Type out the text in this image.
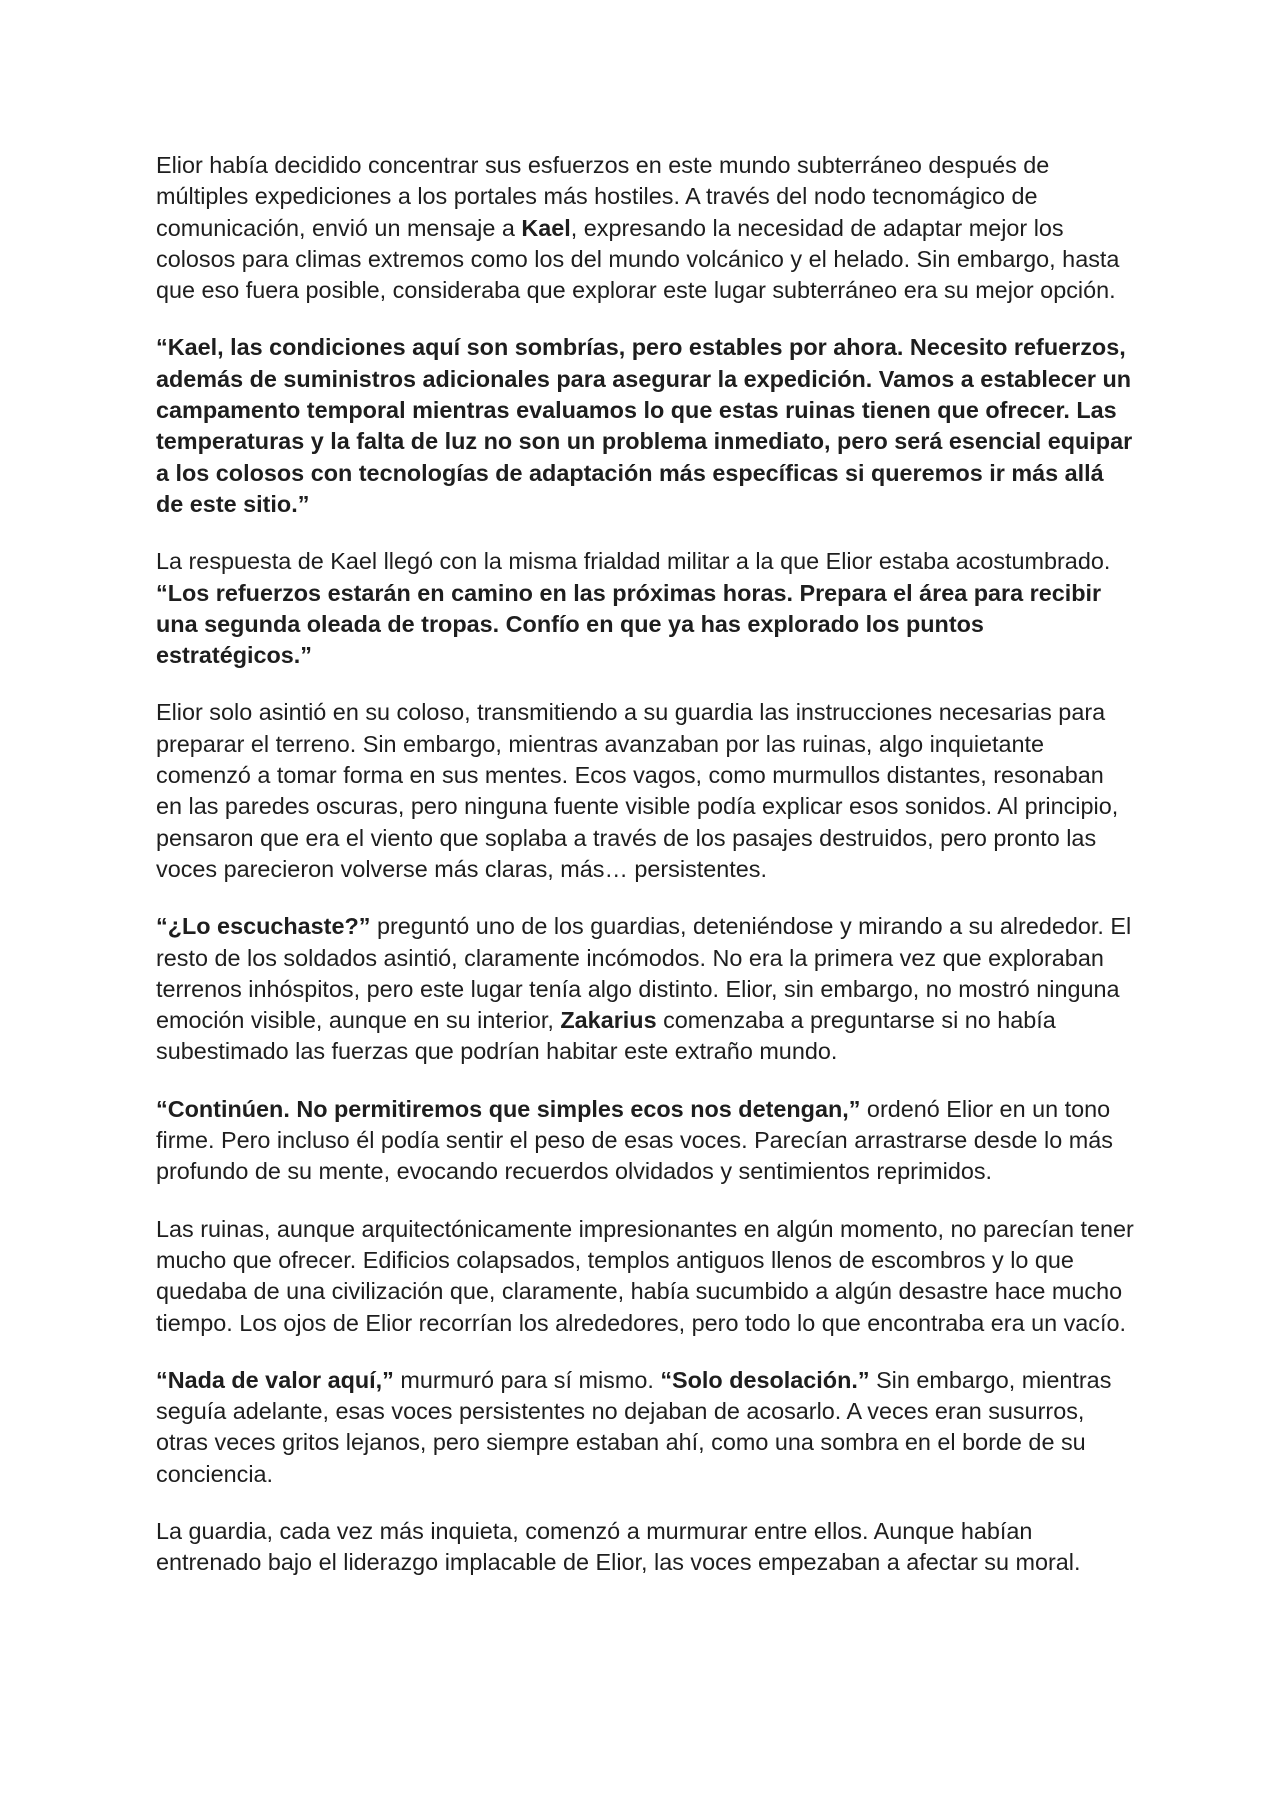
Elior había decidido concentrar sus esfuerzos en este mundo subterráneo después de múltiples expediciones a los portales más hostiles. A través del nodo tecnomágico de comunicación, envió un mensaje a Kael, expresando la necesidad de adaptar mejor los colosos para climas extremos como los del mundo volcánico y el helado. Sin embargo, hasta que eso fuera posible, consideraba que explorar este lugar subterráneo era su mejor opción.

“Kael, las condiciones aquí son sombrías, pero estables por ahora. Necesito refuerzos, además de suministros adicionales para asegurar la expedición. Vamos a establecer un campamento temporal mientras evaluamos lo que estas ruinas tienen que ofrecer. Las temperaturas y la falta de luz no son un problema inmediato, pero será esencial equipar a los colosos con tecnologías de adaptación más específicas si queremos ir más allá de este sitio.”

La respuesta de Kael llegó con la misma frialdad militar a la que Elior estaba acostumbrado. “Los refuerzos estarán en camino en las próximas horas. Prepara el área para recibir una segunda oleada de tropas. Confío en que ya has explorado los puntos estratégicos.”

Elior solo asintió en su coloso, transmitiendo a su guardia las instrucciones necesarias para preparar el terreno. Sin embargo, mientras avanzaban por las ruinas, algo inquietante comenzó a tomar forma en sus mentes. Ecos vagos, como murmullos distantes, resonaban en las paredes oscuras, pero ninguna fuente visible podía explicar esos sonidos. Al principio, pensaron que era el viento que soplaba a través de los pasajes destruidos, pero pronto las voces parecieron volverse más claras, más… persistentes.

“¿Lo escuchaste?” preguntó uno de los guardias, deteniéndose y mirando a su alrededor. El resto de los soldados asintió, claramente incómodos. No era la primera vez que exploraban terrenos inhóspitos, pero este lugar tenía algo distinto. Elior, sin embargo, no mostró ninguna emoción visible, aunque en su interior, Zakarius comenzaba a preguntarse si no había subestimado las fuerzas que podrían habitar este extraño mundo.

“Continúen. No permitiremos que simples ecos nos detengan,” ordenó Elior en un tono firme. Pero incluso él podía sentir el peso de esas voces. Parecían arrastrarse desde lo más profundo de su mente, evocando recuerdos olvidados y sentimientos reprimidos.

Las ruinas, aunque arquitectónicamente impresionantes en algún momento, no parecían tener mucho que ofrecer. Edificios colapsados, templos antiguos llenos de escombros y lo que quedaba de una civilización que, claramente, había sucumbido a algún desastre hace mucho tiempo. Los ojos de Elior recorrían los alrededores, pero todo lo que encontraba era un vacío.

“Nada de valor aquí,” murmuró para sí mismo. “Solo desolación.” Sin embargo, mientras seguía adelante, esas voces persistentes no dejaban de acosarlo. A veces eran susurros, otras veces gritos lejanos, pero siempre estaban ahí, como una sombra en el borde de su conciencia.

La guardia, cada vez más inquieta, comenzó a murmurar entre ellos. Aunque habían entrenado bajo el liderazgo implacable de Elior, las voces empezaban a afectar su moral.
